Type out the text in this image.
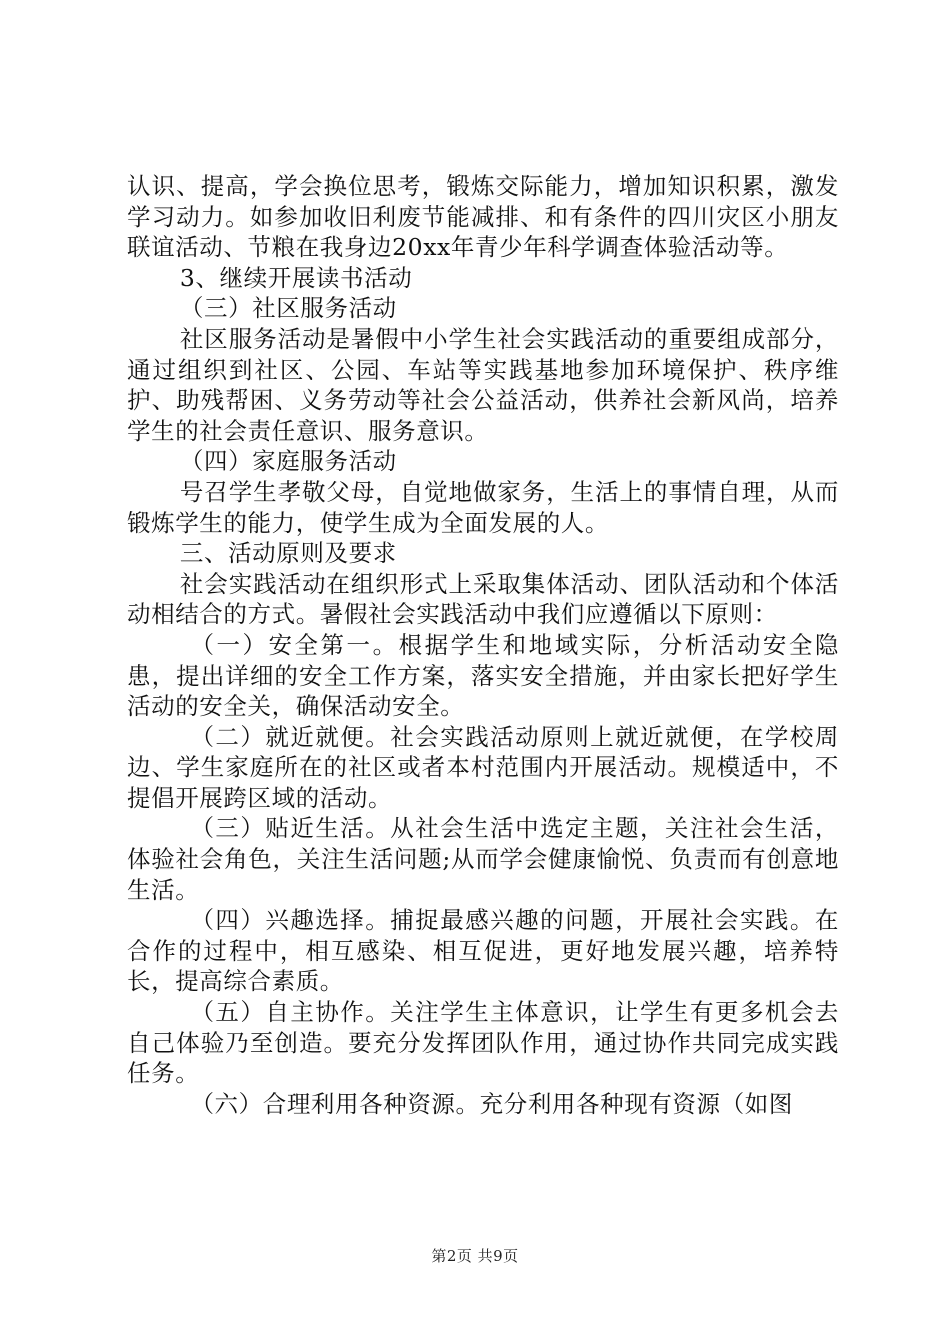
认识、提高，学会换位思考，锻炼交际能力，增加知识积累，激发学习动力。如参加收旧利废节能减排、和有条件的四川灾区小朋友联谊活动、节粮在我身边20xx年青少年科学调查体验活动等。

3、继续开展读书活动

（三）社区服务活动

社区服务活动是暑假中小学生社会实践活动的重要组成部分，通过组织到社区、公园、车站等实践基地参加环境保护、秩序维护、助残帮困、义务劳动等社会公益活动，供养社会新风尚，培养学生的社会责任意识、服务意识。

（四）家庭服务活动

号召学生孝敬父母，自觉地做家务，生活上的事情自理，从而锻炼学生的能力，使学生成为全面发展的人。

三、活动原则及要求

社会实践活动在组织形式上采取集体活动、团队活动和个体活动相结合的方式。暑假社会实践活动中我们应遵循以下原则：

（一）安全第一。根据学生和地域实际，分析活动安全隐患，提出详细的安全工作方案，落实安全措施，并由家长把好学生活动的安全关，确保活动安全。

（二）就近就便。社会实践活动原则上就近就便，在学校周边、学生家庭所在的社区或者本村范围内开展活动。规模适中，不提倡开展跨区域的活动。

（三）贴近生活。从社会生活中选定主题，关注社会生活，体验社会角色，关注生活问题;从而学会健康愉悦、负责而有创意地生活。

（四）兴趣选择。捕捉最感兴趣的问题，开展社会实践。在合作的过程中，相互感染、相互促进，更好地发展兴趣，培养特长，提高综合素质。

（五）自主协作。关注学生主体意识，让学生有更多机会去自己体验乃至创造。要充分发挥团队作用，通过协作共同完成实践任务。

（六）合理利用各种资源。充分利用各种现有资源（如图

第2页 共9页
